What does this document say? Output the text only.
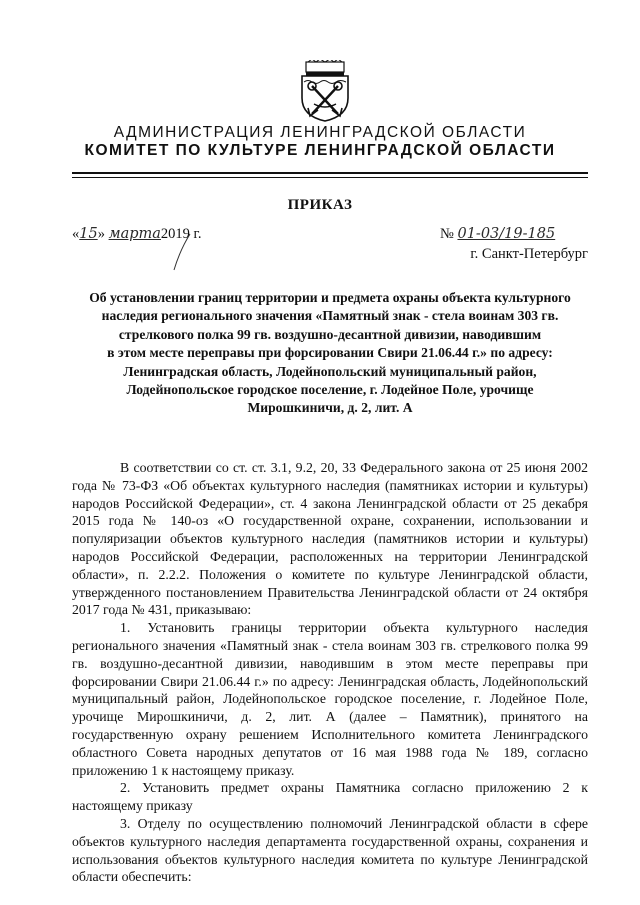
АДМИНИСТРАЦИЯ ЛЕНИНГРАДСКОЙ ОБЛАСТИ
КОМИТЕТ ПО КУЛЬТУРЕ ЛЕНИНГРАДСКОЙ ОБЛАСТИ
ПРИКАЗ
«15» марта2019 г.	№ 01-03/19-185
г. Санкт-Петербург

Об установлении границ территории и предмета охраны объекта культурного

наследия регионального значения «Памятный знак - стела воинам 303 гв.

стрелкового полка 99 гв. воздушно-десантной дивизии, наводившим

в этом месте переправы при форсировании Свири 21.06.44 г.» по адресу:

Ленинградская область, Лодейнопольский муниципальный район,

Лодейнопольское городское поселение, г. Лодейное Поле, урочище

Мирошкиничи, д. 2, лит. А

В соответствии со ст. ст. 3.1, 9.2, 20, 33 Федерального закона от 25 июня 2002 года № 73-ФЗ «Об объектах культурного наследия (памятниках истории и культуры) народов Российской Федерации», ст. 4 закона Ленинградской области от 25 декабря 2015 года № 140-оз «О государственной охране, сохранении, использовании и популяризации объектов культурного наследия (памятников истории и культуры) народов Российской Федерации, расположенных на территории Ленинградской области», п. 2.2.2. Положения о комитете по культуре Ленинградской области, утвержденного постановлением Правительства Ленинградской области от 24 октября 2017 года № 431, приказываю:

1. Установить границы территории объекта культурного наследия регионального значения «Памятный знак - стела воинам 303 гв. стрелкового полка 99 гв. воздушно-десантной дивизии, наводившим в этом месте переправы при форсировании Свири 21.06.44 г.» по адресу: Ленинградская область, Лодейнопольский муниципальный район, Лодейнопольское городское поселение, г. Лодейное Поле, урочище Мирошкиничи, д. 2, лит. А (далее – Памятник), принятого на государственную охрану решением Исполнительного комитета Ленинградского областного Совета народных депутатов от 16 мая 1988 года № 189, согласно приложению 1 к настоящему приказу.

2. Установить предмет охраны Памятника согласно приложению 2 к настоящему приказу

3. Отделу по осуществлению полномочий Ленинградской области в сфере объектов культурного наследия департамента государственной охраны, сохранения и использования объектов культурного наследия комитета по культуре Ленинградской области обеспечить:
